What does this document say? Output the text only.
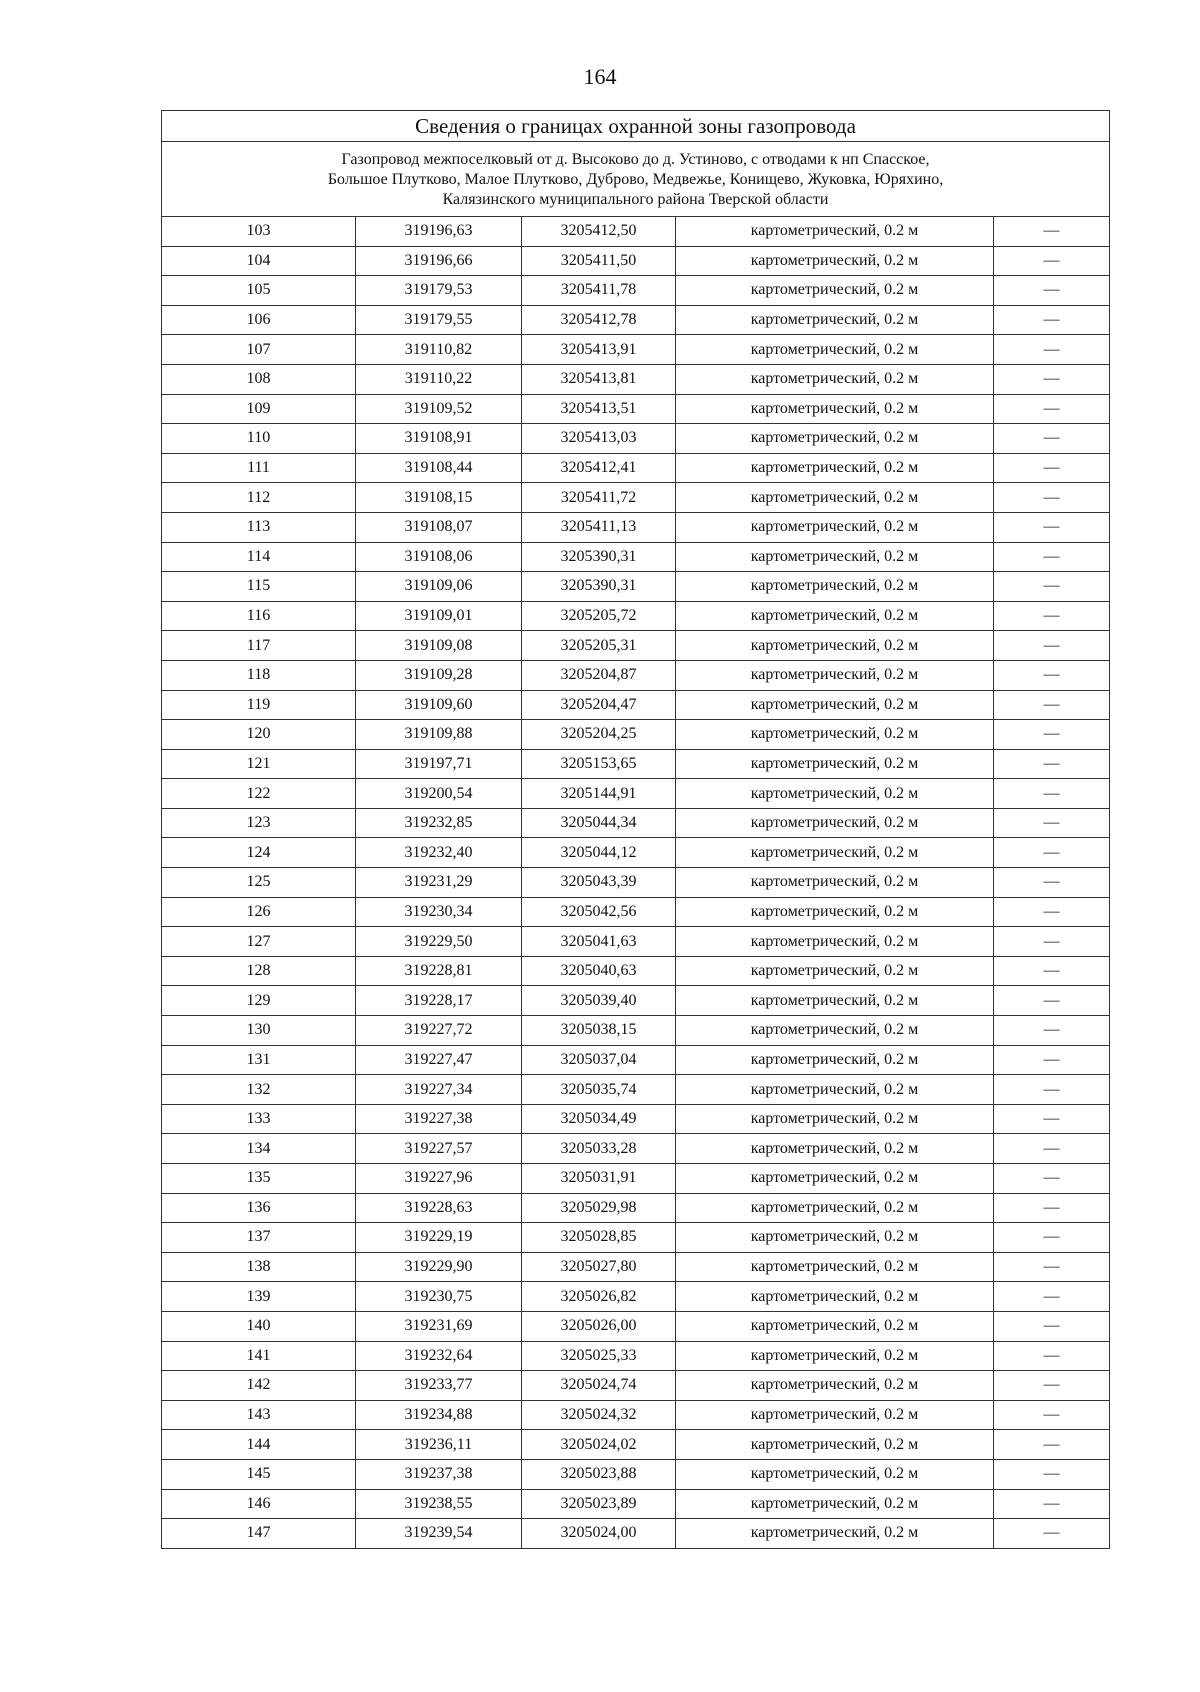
164
Сведения о границах охранной зоны газопровода				

Газопровод межпоселковый от д. Высоково до д. Устиново, с отводами к нп Спасское,
Большое Плутково, Малое Плутково, Дуброво, Медвежье, Конищево, Жуковка, Юряхино,
Калязинского муниципального района Тверской области				

103	319196,63	3205412,50	картометрический, 0.2 м	—
104	319196,66	3205411,50	картометрический, 0.2 м	—
105	319179,53	3205411,78	картометрический, 0.2 м	—
106	319179,55	3205412,78	картометрический, 0.2 м	—
107	319110,82	3205413,91	картометрический, 0.2 м	—
108	319110,22	3205413,81	картометрический, 0.2 м	—
109	319109,52	3205413,51	картометрический, 0.2 м	—
110	319108,91	3205413,03	картометрический, 0.2 м	—
111	319108,44	3205412,41	картометрический, 0.2 м	—
112	319108,15	3205411,72	картометрический, 0.2 м	—
113	319108,07	3205411,13	картометрический, 0.2 м	—
114	319108,06	3205390,31	картометрический, 0.2 м	—
115	319109,06	3205390,31	картометрический, 0.2 м	—
116	319109,01	3205205,72	картометрический, 0.2 м	—
117	319109,08	3205205,31	картометрический, 0.2 м	—
118	319109,28	3205204,87	картометрический, 0.2 м	—
119	319109,60	3205204,47	картометрический, 0.2 м	—
120	319109,88	3205204,25	картометрический, 0.2 м	—
121	319197,71	3205153,65	картометрический, 0.2 м	—
122	319200,54	3205144,91	картометрический, 0.2 м	—
123	319232,85	3205044,34	картометрический, 0.2 м	—
124	319232,40	3205044,12	картометрический, 0.2 м	—
125	319231,29	3205043,39	картометрический, 0.2 м	—
126	319230,34	3205042,56	картометрический, 0.2 м	—
127	319229,50	3205041,63	картометрический, 0.2 м	—
128	319228,81	3205040,63	картометрический, 0.2 м	—
129	319228,17	3205039,40	картометрический, 0.2 м	—
130	319227,72	3205038,15	картометрический, 0.2 м	—
131	319227,47	3205037,04	картометрический, 0.2 м	—
132	319227,34	3205035,74	картометрический, 0.2 м	—
133	319227,38	3205034,49	картометрический, 0.2 м	—
134	319227,57	3205033,28	картометрический, 0.2 м	—
135	319227,96	3205031,91	картометрический, 0.2 м	—
136	319228,63	3205029,98	картометрический, 0.2 м	—
137	319229,19	3205028,85	картометрический, 0.2 м	—
138	319229,90	3205027,80	картометрический, 0.2 м	—
139	319230,75	3205026,82	картометрический, 0.2 м	—
140	319231,69	3205026,00	картометрический, 0.2 м	—
141	319232,64	3205025,33	картометрический, 0.2 м	—
142	319233,77	3205024,74	картометрический, 0.2 м	—
143	319234,88	3205024,32	картометрический, 0.2 м	—
144	319236,11	3205024,02	картометрический, 0.2 м	—
145	319237,38	3205023,88	картометрический, 0.2 м	—
146	319238,55	3205023,89	картометрический, 0.2 м	—
147	319239,54	3205024,00	картометрический, 0.2 м	—
